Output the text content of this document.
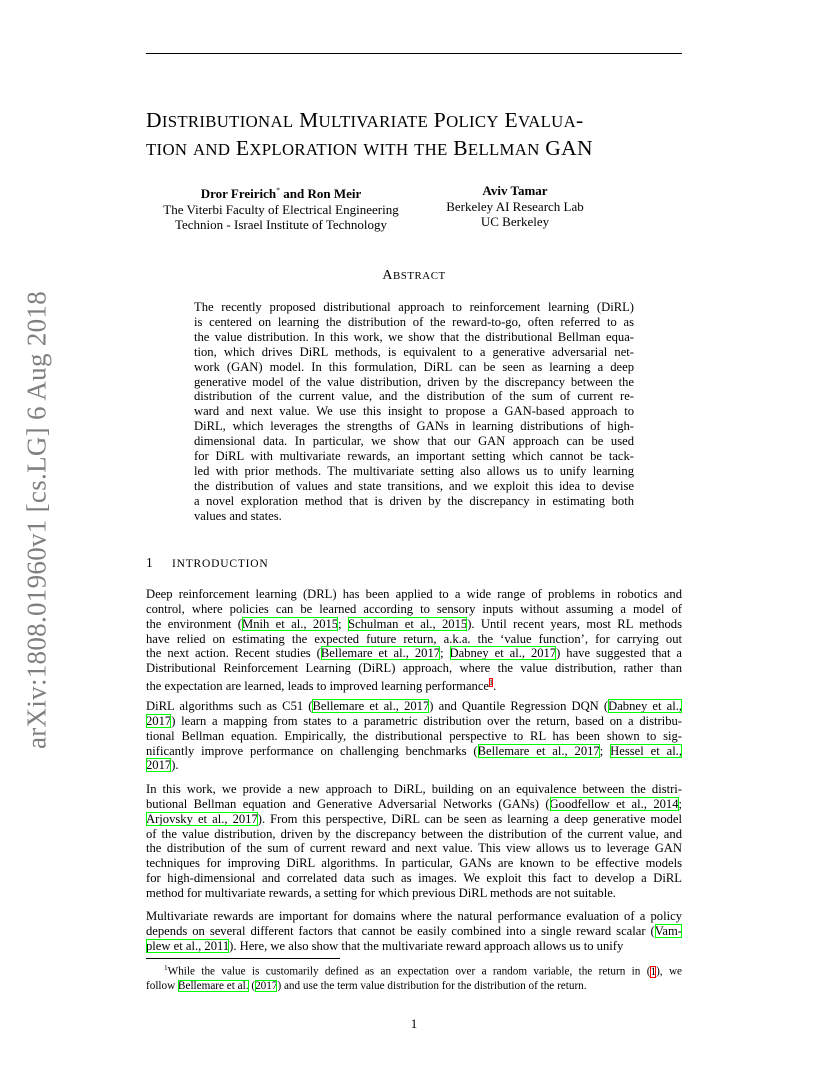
arXiv:1808.01960v1 [cs.LG] 6 Aug 2018
DISTRIBUTIONAL MULTIVARIATE POLICY EVALUA-
TION AND EXPLORATION WITH THE BELLMAN GAN
Dror Freirich* and Ron Meir
The Viterbi Faculty of Electrical Engineering
Technion - Israel Institute of Technology
Aviv Tamar
Berkeley AI Research Lab
UC Berkeley
ABSTRACT
The recently proposed distributional approach to reinforcement learning (DiRL)
is centered on learning the distribution of the reward-to-go, often referred to as
the value distribution. In this work, we show that the distributional Bellman equa-
tion, which drives DiRL methods, is equivalent to a generative adversarial net-
work (GAN) model. In this formulation, DiRL can be seen as learning a deep
generative model of the value distribution, driven by the discrepancy between the
distribution of the current value, and the distribution of the sum of current re-
ward and next value. We use this insight to propose a GAN-based approach to
DiRL, which leverages the strengths of GANs in learning distributions of high-
dimensional data. In particular, we show that our GAN approach can be used
for DiRL with multivariate rewards, an important setting which cannot be tack-
led with prior methods. The multivariate setting also allows us to unify learning
the distribution of values and state transitions, and we exploit this idea to devise
a novel exploration method that is driven by the discrepancy in estimating both
values and states.
1 INTRODUCTION
Deep reinforcement learning (DRL) has been applied to a wide range of problems in robotics and
control, where policies can be learned according to sensory inputs without assuming a model of
the environment (Mnih et al., 2015; Schulman et al., 2015). Until recent years, most RL methods
have relied on estimating the expected future return, a.k.a. the ‘value function’, for carrying out
the next action. Recent studies (Bellemare et al., 2017; Dabney et al., 2017) have suggested that a
Distributional Reinforcement Learning (DiRL) approach, where the value distribution, rather than
the expectation are learned, leads to improved learning performance$^1$.
DiRL algorithms such as C51 (Bellemare et al., 2017) and Quantile Regression DQN (Dabney et al.,
2017) learn a mapping from states to a parametric distribution over the return, based on a distribu-
tional Bellman equation. Empirically, the distributional perspective to RL has been shown to sig-
nificantly improve performance on challenging benchmarks (Bellemare et al., 2017; Hessel et al.,
2017).
In this work, we provide a new approach to DiRL, building on an equivalence between the distri-
butional Bellman equation and Generative Adversarial Networks (GANs) (Goodfellow et al., 2014;
Arjovsky et al., 2017). From this perspective, DiRL can be seen as learning a deep generative model
of the value distribution, driven by the discrepancy between the distribution of the current value, and
the distribution of the sum of current reward and next value. This view allows us to leverage GAN
techniques for improving DiRL algorithms. In particular, GANs are known to be effective models
for high-dimensional and correlated data such as images. We exploit this fact to develop a DiRL
method for multivariate rewards, a setting for which previous DiRL methods are not suitable.
Multivariate rewards are important for domains where the natural performance evaluation of a policy
depends on several different factors that cannot be easily combined into a single reward scalar (Vam-
plew et al., 2011). Here, we also show that the multivariate reward approach allows us to unify
$^1$While the value is customarily defined as an expectation over a random variable, the return in (1), we
follow Bellemare et al. (2017) and use the term value distribution for the distribution of the return.
1
